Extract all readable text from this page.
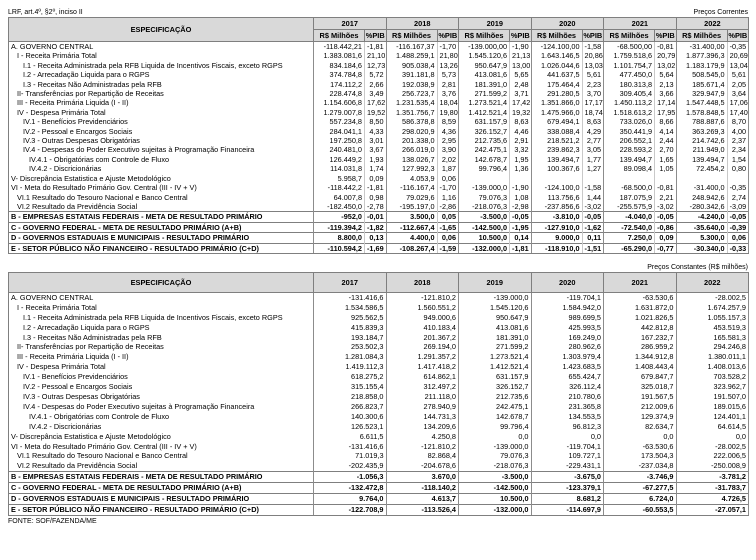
LRF, art.4º, §2º, inciso II	Preços Correntes
ESPECIFICAÇÃO	2017		2018		2019		2020		2021		2022	
	R$ Milhões	%PIB	R$ Milhões	%PIB	R$ Milhões	%PIB	R$ Milhões	%PIB	R$ Milhões	%PIB	R$ Milhões	%PIB
A. GOVERNO CENTRAL	-118.442,21	-1,81	-116.167,37	-1,70	-139.000,00	-1,90	-124.100,00	-1,58	-68.500,00	-0,81	-31.400,00	-0,35
I - Receita Primária Total	1.383.081,6	21,10	1.488.259,1	21,80	1.545.120,6	21,13	1.643.146,5	20,86	1.759.518,6	20,79	1.877.396,3	20,69
I.1 - Receita Administrada pela RFB Liquida de Incentivos Fiscais, exceto RGPS	834.184,6	12,73	905.038,4	13,26	950.647,9	13,00	1.026.044,6	13,03	1.101.754,7	13,02	1.183.179,9	13,04
I.2 - Arrecadação Liquida para o RGPS	374.784,8	5,72	391.181,8	5,73	413.081,6	5,65	441.637,5	5,61	477.450,0	5,64	508.545,0	5,61
I.3 - Receitas Não Administradas pela RFB	174.112,2	2,66	192.038,9	2,81	181.391,0	2,48	175.464,4	2,23	180.313,8	2,13	185.671,4	2,05
II- Transferências por Repartição de Receitas	228.474,8	3,49	256.723,7	3,76	271.599,2	3,71	291.280,5	3,70	309.405,4	3,66	329.947,9	3,64
III - Receita Primária Liquida (I - II)	1.154.606,8	17,62	1.231.535,4	18,04	1.273.521,4	17,42	1.351.866,0	17,17	1.450.113,2	17,14	1.547.448,5	17,06
IV - Despesa Primária Total	1.279.007,8	19,52	1.351.756,7	19,80	1.412.521,4	19,32	1.475.966,0	18,74	1.518.613,2	17,95	1.578.848,5	17,40
IV.1 - Benefícios Previdenciários	557.234,8	8,50	586.378,8	8,59	631.157,9	8,63	679.494,1	8,63	733.026,0	8,66	788.887,6	8,70
IV.2 - Pessoal e Encargos Sociais	284.041,1	4,33	298.020,9	4,36	326.152,7	4,46	338.088,4	4,29	350.441,9	4,14	363.269,3	4,00
IV.3 - Outras Despesas Obrigatórias	197.250,8	3,01	201.338,0	2,95	212.735,6	2,91	218.521,2	2,77	206.552,1	2,44	214.742,6	2,37
IV.4 - Despesas do Poder Executivo sujeitas à Programação Financeira	240.481,0	3,67	266.019,0	3,90	242.475,1	3,32	239.862,3	3,05	228.593,2	2,70	211.949,0	2,34
IV.4.1 - Obrigatórias com Controle de Fluxo	126.449,2	1,93	138.026,7	2,02	142.678,7	1,95	139.494,7	1,77	139.494,7	1,65	139.494,7	1,54
IV.4.2 - Discricionárias	114.031,8	1,74	127.992,3	1,87	99.796,4	1,36	100.367,6	1,27	89.098,4	1,05	72.454,2	0,80
V- Discrepância Estatistica e Ajuste Metodológico	5.958,7	0,09	4.053,9	0,06								
VI - Meta do Resultado Primário Gov. Central (III - IV + V)	-118.442,2	-1,81	-116.167,4	-1,70	-139.000,0	-1,90	-124.100,0	-1,58	-68.500,0	-0,81	-31.400,0	-0,35
VI.1 Resultado do Tesouro Nacional e Banco Central	64.007,8	0,98	79.029,6	1,16	79.076,3	1,08	113.756,6	1,44	187.075,9	2,21	248.942,6	2,74
VI.2 Resultado da Previdência Social	-182.450,0	-2,78	-195.197,0	-2,86	-218.076,3	-2,98	-237.856,6	-3,02	-255.575,9	-3,02	-280.342,6	-3,09
B - EMPRESAS ESTATAIS FEDERAIS - META DE RESULTADO PRIMÁRIO	-952,0	-0,01	3.500,0	0,05	-3.500,0	-0,05	-3.810,0	-0,05	-4.040,0	-0,05	-4.240,0	-0,05
C - GOVERNO FEDERAL - META DE RESULTADO PRIMÁRIO (A+B)	-119.394,2	-1,82	-112.667,4	-1,65	-142.500,0	-1,95	-127.910,0	-1,62	-72.540,0	-0,86	-35.640,0	-0,39
D - GOVERNOS ESTADUAIS E MUNICIPAIS - RESULTADO PRIMÁRIO	8.800,0	0,13	4.400,0	0,06	10.500,0	0,14	9.000,0	0,11	7.250,0	0,09	5.300,0	0,06
E - SETOR PÚBLICO NÃO FINANCEIRO - RESULTADO PRIMÁRIO (C+D)	-110.594,2	-1,69	-108.267,4	-1,59	-132.000,0	-1,81	-118.910,0	-1,51	-65.290,0	-0,77	-30.340,0	-0,33
Preços Constantes (R$ milhões)
ESPECIFICAÇÃO	2017	2018	2019	2020	2021	2022
A. GOVERNO CENTRAL	-131.416,6	-121.810,2	-139.000,0	-119.704,1	-63.530,6	-28.002,5
I - Receita Primária Total	1.534.586,5	1.560.551,2	1.545.120,6	1.584.942,0	1.631.872,0	1.674.257,9
I.1 - Receita Administrada pela RFB Liquida de Incentivos Fiscais, exceto RGPS	925.562,5	949.000,6	950.647,9	989.699,5	1.021.826,5	1.055.157,3
I.2 - Arrecadação Liquida para o RGPS	415.839,3	410.183,4	413.081,6	425.993,5	442.812,8	453.519,3
I.3 - Receitas Não Administradas pela RFB	193.184,7	201.367,2	181.391,0	169.249,0	167.232,7	165.581,3
II- Transferências por Repartição de Receitas	253.502,3	269.194,0	271.599,2	280.962,6	286.959,2	294.246,8
III - Receita Primária Liquida (I - II)	1.281.084,3	1.291.357,2	1.273.521,4	1.303.979,4	1.344.912,8	1.380.011,1
IV - Despesa Primária Total	1.419.112,3	1.417.418,2	1.412.521,4	1.423.683,5	1.408.443,4	1.408.013,6
IV.1 - Benefícios Previdenciários	618.275,2	614.862,1	631.157,9	655.424,7	679.847,7	703.528,2
IV.2 - Pessoal e Encargos Sociais	315.155,4	312.497,2	326.152,7	326.112,4	325.018,7	323.962,7
IV.3 - Outras Despesas Obrigatórias	218.858,0	211.118,0	212.735,6	210.780,6	191.567,5	191.507,0
IV.4 - Despesas do Poder Executivo sujeitas à Programação Financeira	266.823,7	278.940,9	242.475,1	231.365,8	212.009,6	189.015,6
IV.4.1 - Obrigatórias com Controle de Fluxo	140.300,6	144.731,3	142.678,7	134.553,5	129.374,9	124.401,1
IV.4.2 - Discricionárias	126.523,1	134.209,6	99.796,4	96.812,3	82.634,7	64.614,5
V- Discrepância Estatistica e Ajuste Metodológico	6.611,5	4.250,8	0,0	0,0	0,0	0,0
VI - Meta do Resultado Primário Gov. Central (III - IV + V)	-131.416,6	-121.810,2	-139.000,0	-119.704,1	-63.530,6	-28.002,5
VI.1 Resultado do Tesouro Nacional e Banco Central	71.019,3	82.868,4	79.076,3	109.727,1	173.504,3	222.006,5
VI.2 Resultado da Previdência Social	-202.435,9	-204.678,6	-218.076,3	-229.431,1	-237.034,8	-250.008,9
B - EMPRESAS ESTATAIS FEDERAIS - META DE RESULTADO PRIMÁRIO	-1.056,3	3.670,0	-3.500,0	-3.675,0	-3.746,9	-3.781,2
C - GOVERNO FEDERAL - META DE RESULTADO PRIMÁRIO (A+B)	-132.472,8	-118.140,2	-142.500,0	-123.379,1	-67.277,5	-31.783,7
D - GOVERNOS ESTADUAIS E MUNICIPAIS - RESULTADO PRIMÁRIO	9.764,0	4.613,7	10.500,0	8.681,2	6.724,0	4.726,5
E - SETOR PÚBLICO NÃO FINANCEIRO - RESULTADO PRIMÁRIO (C+D)	-122.708,9	-113.526,4	-132.000,0	-114.697,9	-60.553,5	-27.057,1
FONTE: SOF/FAZENDA/ME
